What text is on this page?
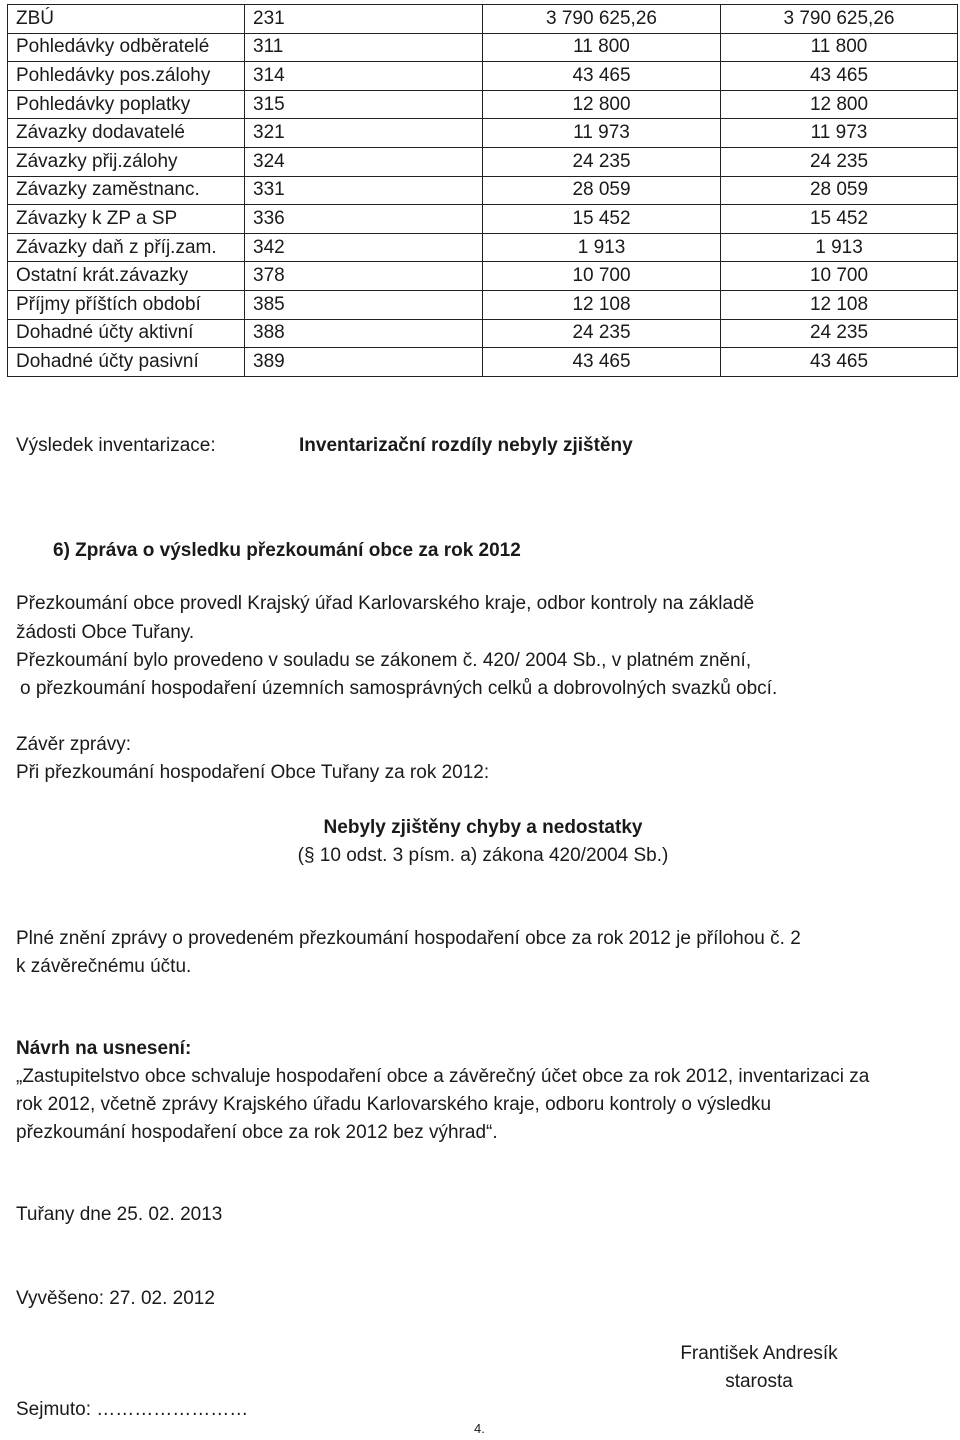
ZBÚ	231	3 790 625,26	3 790 625,26
Pohledávky odběratelé	311	11 800	11 800
Pohledávky pos.zálohy	314	43 465	43 465
Pohledávky poplatky	315	12 800	12 800
Závazky dodavatelé	321	11 973	11 973
Závazky přij.zálohy	324	24 235	24 235
Závazky zaměstnanc.	331	28 059	28 059
Závazky k ZP a SP	336	15 452	15 452
Závazky daň z příj.zam.	342	1 913	1 913
Ostatní krát.závazky	378	10 700	10 700
Příjmy příštích období	385	12 108	12 108
Dohadné účty aktivní	388	24 235	24 235
Dohadné účty pasivní	389	43 465	43 465
Výsledek inventarizace:	Inventarizační rozdíly nebyly zjištěny
6) Zpráva o výsledku přezkoumání obce za rok 2012
Přezkoumání obce provedl Krajský úřad Karlovarského kraje, odbor kontroly na základě
žádosti Obce Tuřany.
Přezkoumání bylo provedeno v souladu se zákonem č. 420/ 2004 Sb., v platném znění,
o přezkoumání hospodaření územních samosprávných celků a dobrovolných svazků obcí.
Závěr zprávy:
Při přezkoumání hospodaření Obce Tuřany za rok 2012:
Nebyly zjištěny chyby a nedostatky
(§ 10 odst. 3 písm. a) zákona 420/2004 Sb.)
Plné znění zprávy o provedeném přezkoumání hospodaření obce za rok 2012 je přílohou č. 2
k závěrečnému účtu.
Návrh na usnesení:
„Zastupitelstvo obce schvaluje hospodaření obce a závěrečný účet obce za rok 2012, inventarizaci za
rok 2012, včetně zprávy Krajského úřadu Karlovarského kraje, odboru kontroly o výsledku
přezkoumání hospodaření obce za rok 2012 bez výhrad“.
Tuřany dne 25. 02. 2013
Vyvěšeno: 27. 02. 2012
František Andresík
starosta
Sejmuto: ……………………
4.
